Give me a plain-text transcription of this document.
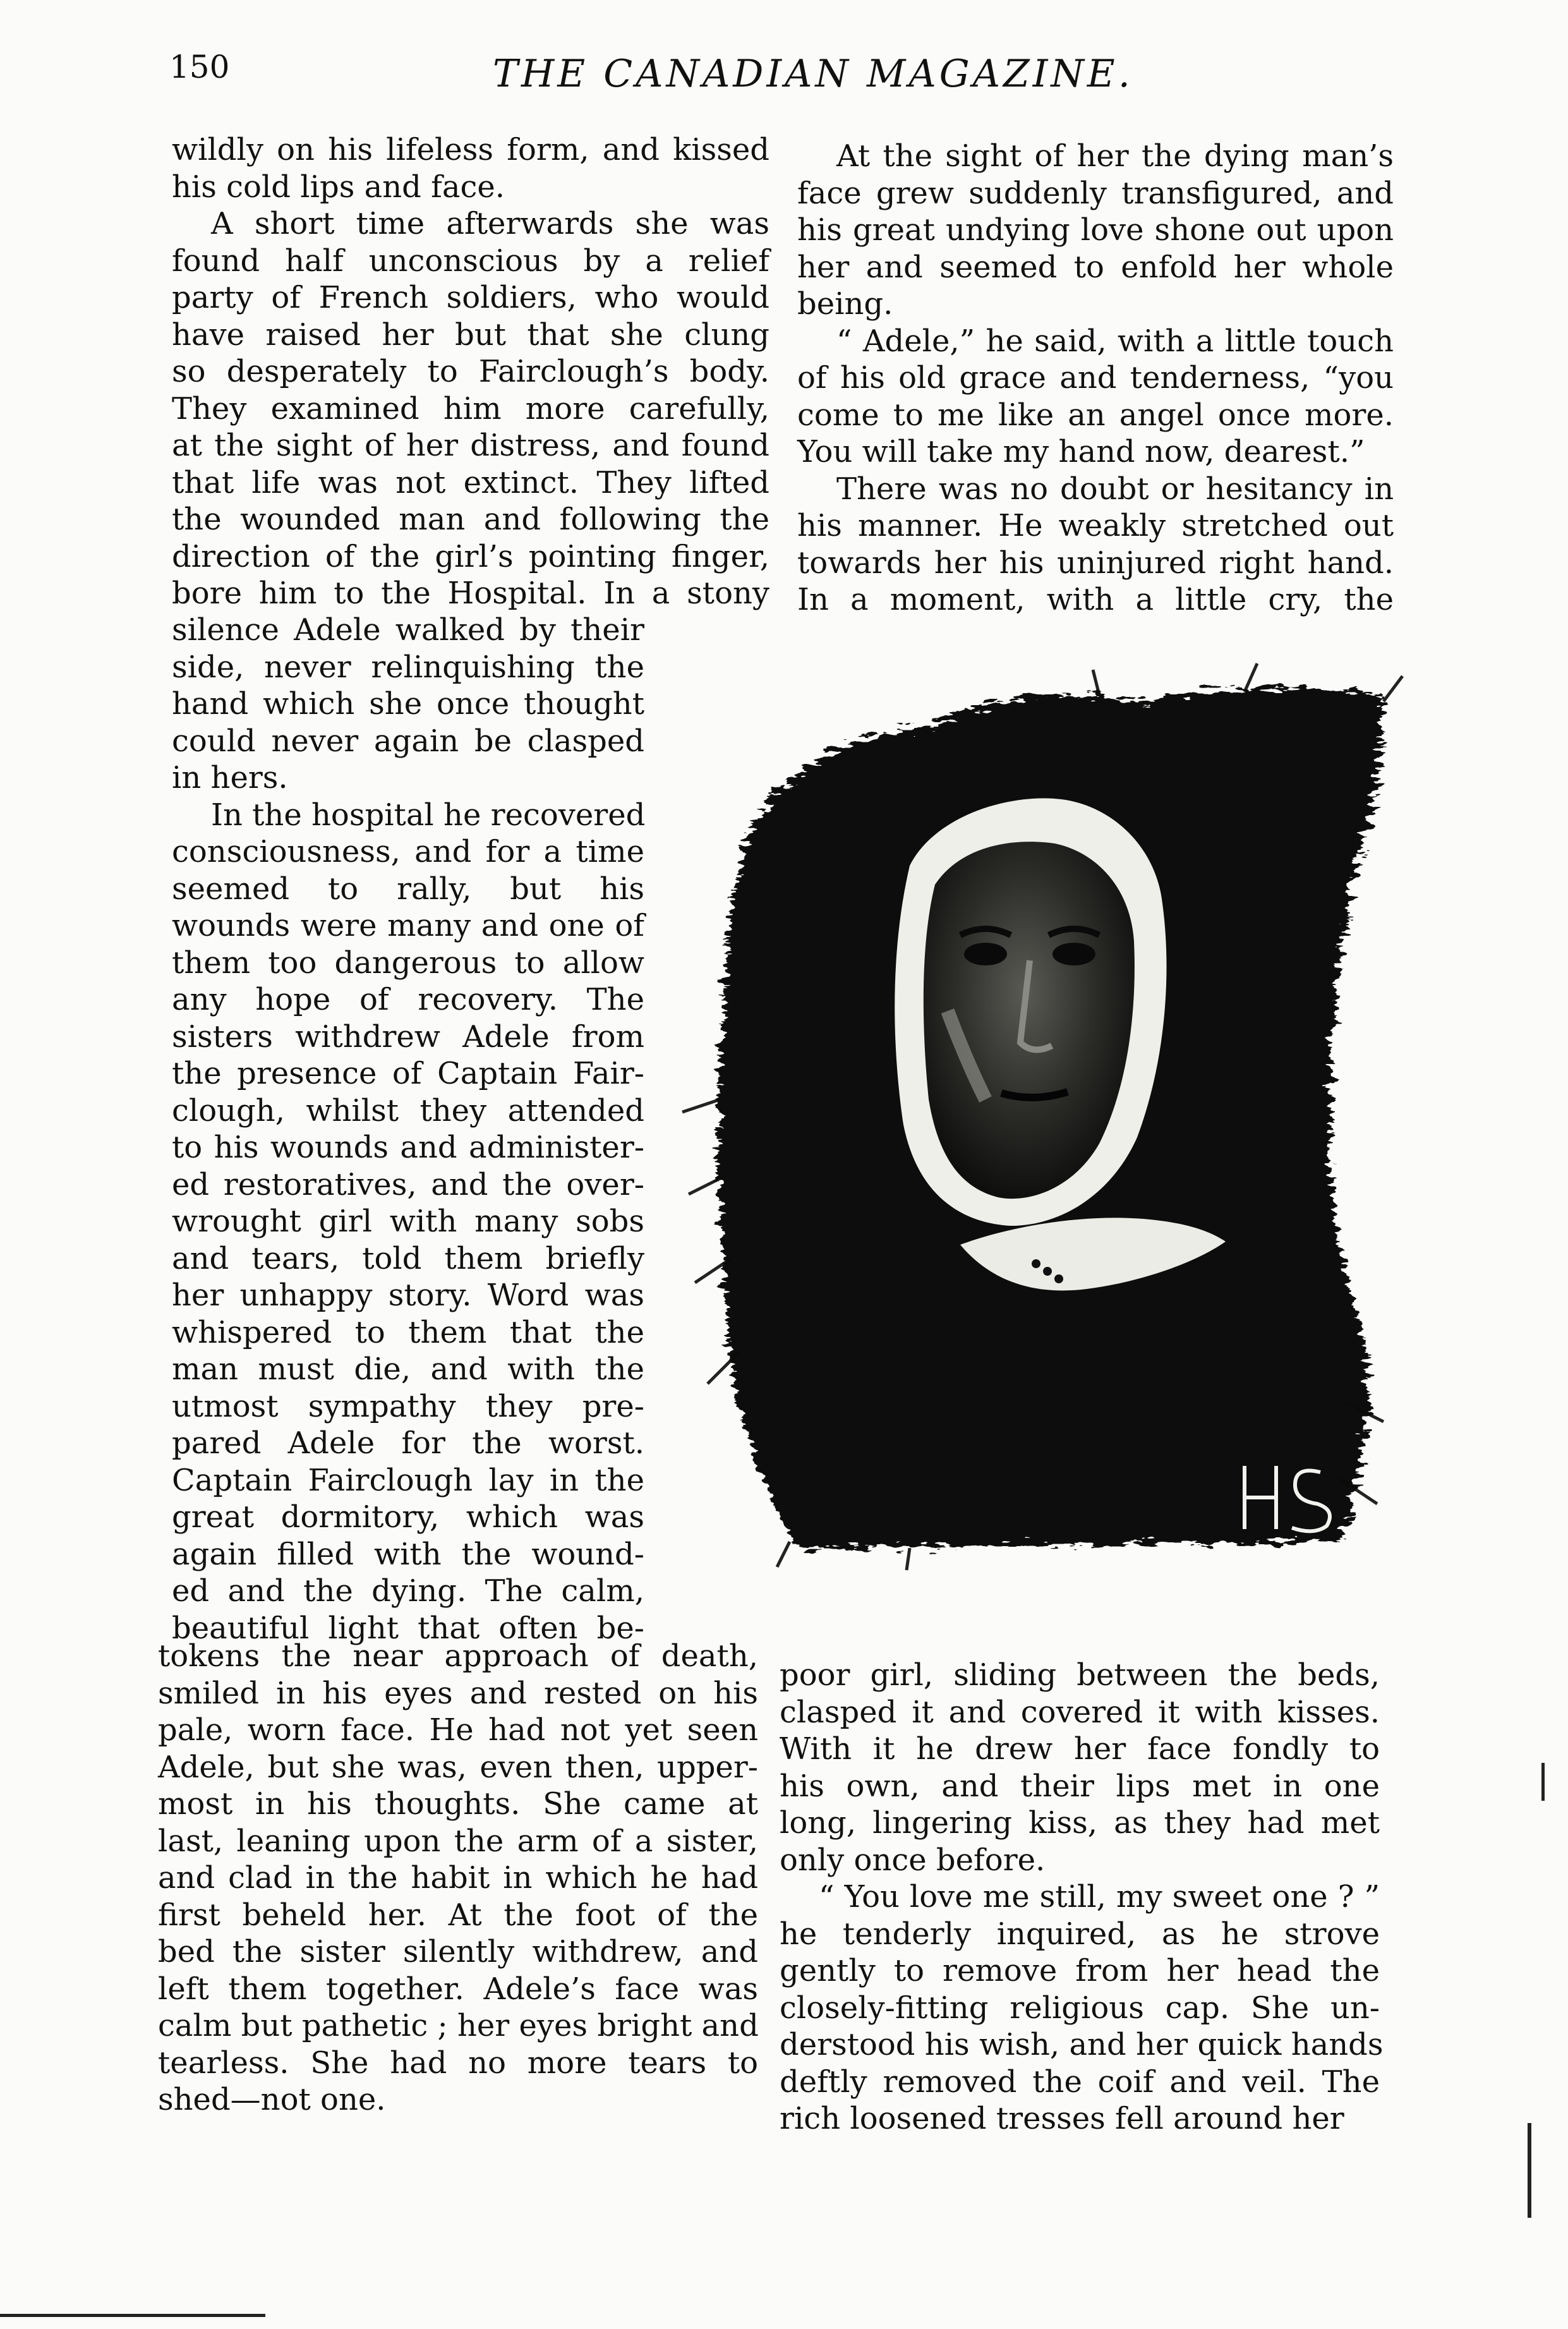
150	THE CANADIAN MAGAZINE.
wildly on his lifeless form, and kissed
his cold lips and face.
A short time afterwards she was
found half unconscious by a relief
party of French soldiers, who would
have raised her but that she clung
so desperately to Fairclough’s body.
They examined him more carefully,
at the sight of her distress, and found
that life was not extinct. They lifted
the wounded man and following the
direction of the girl’s pointing finger,
bore him to the Hospital. In a stony
silence Adele walked by their
side, never relinquishing the
hand which she once thought
could never again be clasped
in hers.
In the hospital he recovered
consciousness, and for a time
seemed to rally, but his
wounds were many and one of
them too dangerous to allow
any hope of recovery. The
sisters withdrew Adele from
the presence of Captain Fair-
clough, whilst they attended
to his wounds and administer-
ed restoratives, and the over-
wrought girl with many sobs
and tears, told them briefly
her unhappy story. Word was
whispered to them that the
man must die, and with the
utmost sympathy they pre-
pared Adele for the worst.
Captain Fairclough lay in the
great dormitory, which was
again filled with the wound-
ed and the dying. The calm,
beautiful light that often be-
tokens the near approach of death,
smiled in his eyes and rested on his
pale, worn face. He had not yet seen
Adele, but she was, even then, upper-
most in his thoughts. She came at
last, leaning upon the arm of a sister,
and clad in the habit in which he had
first beheld her. At the foot of the
bed the sister silently withdrew, and
left them together. Adele’s face was
calm but pathetic ; her eyes bright and
tearless. She had no more tears to
shed—not one.
At the sight of her the dying man’s
face grew suddenly transfigured, and
his great undying love shone out upon
her and seemed to enfold her whole
being.
“ Adele,” he said, with a little touch
of his old grace and tenderness, “you
come to me like an angel once more.
You will take my hand now, dearest.”
There was no doubt or hesitancy in
his manner. He weakly stretched out
towards her his uninjured right hand.
In a moment, with a little cry, the
poor girl, sliding between the beds,
clasped it and covered it with kisses.
With it he drew her face fondly to
his own, and their lips met in one
long, lingering kiss, as they had met
only once before.
“ You love me still, my sweet one ? ”
he tenderly inquired, as he strove
gently to remove from her head the
closely-fitting religious cap. She un-
derstood his wish, and her quick hands
deftly removed the coif and veil. The
rich loosened tresses fell around her
